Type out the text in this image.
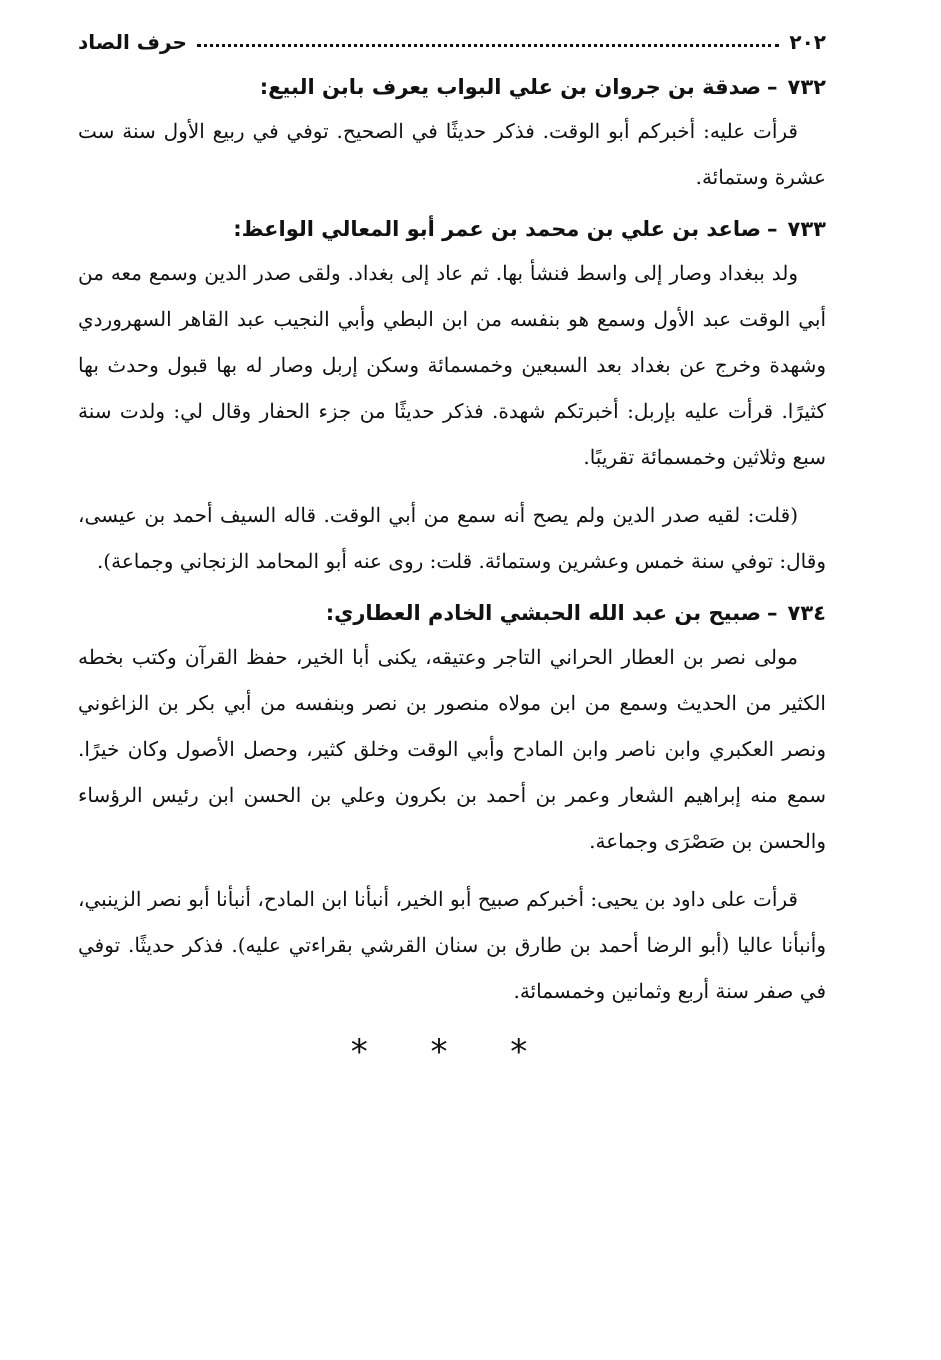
٢٠٢
حرف الصاد
٧٣٢–صدقة بن جروان بن علي البواب يعرف بابن البيع:

قرأت عليه: أخبركم أبو الوقت. فذكر حديثًا في الصحيح. توفي في ربيع الأول سنة ست عشرة وستمائة.

٧٣٣–صاعد بن علي بن محمد بن عمر أبو المعالي الواعظ:

ولد ببغداد وصار إلى واسط فنشأ بها. ثم عاد إلى بغداد. ولقى صدر الدين وسمع معه من أبي الوقت عبد الأول وسمع هو بنفسه من ابن البطي وأبي النجيب عبد القاهر السهروردي وشهدة وخرج عن بغداد بعد السبعين وخمسمائة وسكن إربل وصار له بها قبول وحدث بها كثيرًا. قرأت عليه بإربل: أخبرتكم شهدة. فذكر حديثًا من جزء الحفار وقال لي: ولدت سنة سبع وثلاثين وخمسمائة تقريبًا.

(قلت: لقيه صدر الدين ولم يصح أنه سمع من أبي الوقت. قاله السيف أحمد بن عيسى، وقال: توفي سنة خمس وعشرين وستمائة. قلت: روى عنه أبو المحامد الزنجاني وجماعة).

٧٣٤–صبيح بن عبد الله الحبشي الخادم العطاري:

مولى نصر بن العطار الحراني التاجر وعتيقه، يكنى أبا الخير، حفظ القرآن وكتب بخطه الكثير من الحديث وسمع من ابن مولاه منصور بن نصر وبنفسه من أبي بكر بن الزاغوني ونصر العكبري وابن ناصر وابن المادح وأبي الوقت وخلق كثير، وحصل الأصول وكان خيرًا. سمع منه إبراهيم الشعار وعمر بن أحمد بن بكرون وعلي بن الحسن ابن رئيس الرؤساء والحسن بن صَصْرَى وجماعة.

قرأت على داود بن يحيى: أخبركم صبيح أبو الخير، أنبأنا ابن المادح، أنبأنا أبو نصر الزينبي، وأنبأنا عاليا (أبو الرضا أحمد بن طارق بن سنان القرشي بقراءتي عليه). فذكر حديثًا. توفي في صفر سنة أربع وثمانين وخمسمائة.

* * *
